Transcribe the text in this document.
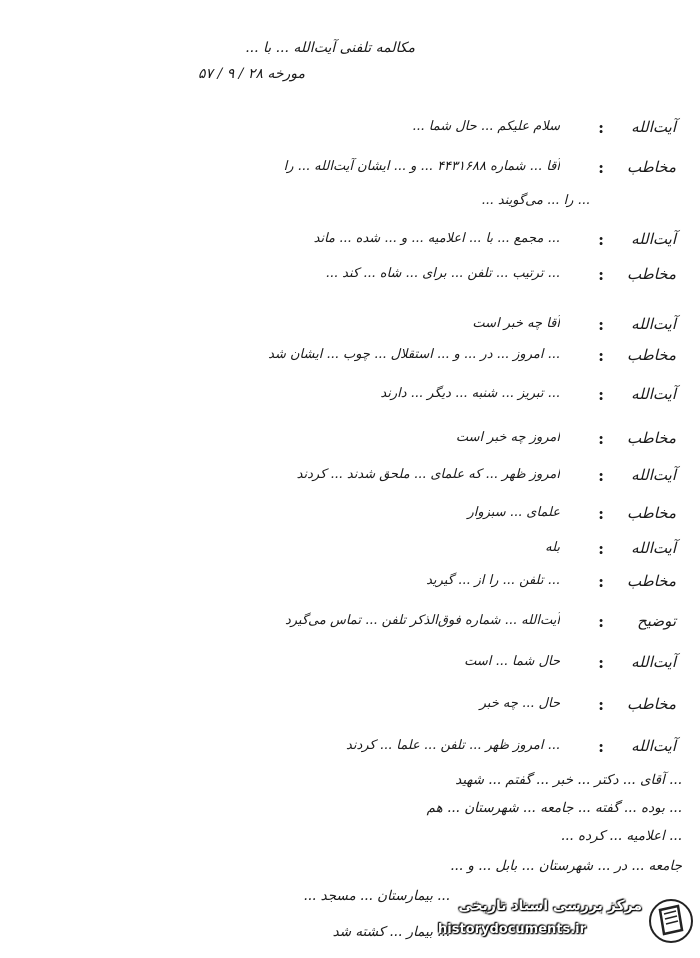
مکالمه تلفنی آیت‌الله ... با ...
مورخه ۲۸ / ۹ / ۵۷
آیت‌الله
:
سلام علیکم ... حال شما ...
مخاطب
:
آقا ... شماره ۴۴۳۱۶۸۸ ... و ... ایشان آیت‌الله ... را
... را ... می‌گویند ...
آیت‌الله
:
... مجمع ... با ... اعلامیه ... و ... شده ... ماند
مخاطب
:
... ترتیب ... تلفن ... برای ... شاه ... کند ...
آیت‌الله
:
آقا چه خبر است
مخاطب
:
... امروز ... در ... و ... استقلال ... چوب ... ایشان شد
آیت‌الله
:
... تبریز ... شنبه ... دیگر ... دارند
مخاطب
:
امروز چه خبر است
آیت‌الله
:
امروز ظهر ... که علمای ... ملحق شدند ... کردند
مخاطب
:
علمای ... سبزوار
آیت‌الله
:
بله
مخاطب
:
... تلفن ... را از ... گیرید
توضیح
:
آیت‌الله ... شماره فوق‌الذکر تلفن ... تماس می‌گیرد
آیت‌الله
:
حال شما ... است
مخاطب
:
حال ... چه خبر
آیت‌الله
:
... امروز ظهر ... تلفن ... علما ... کردند
... آقای ... دکتر ... خبر ... گفتم ... شهید
... بوده ... گفته ... جامعه ... شهرستان ... هم
... اعلامیه ... کرده ...
جامعه ... در ... شهرستان ... بابل ... و ...
... بیمارستان ... مسجد ...
... بیمار ... کشته شد
مرکز بررسی اسناد تاریخی
historydocuments.ir
